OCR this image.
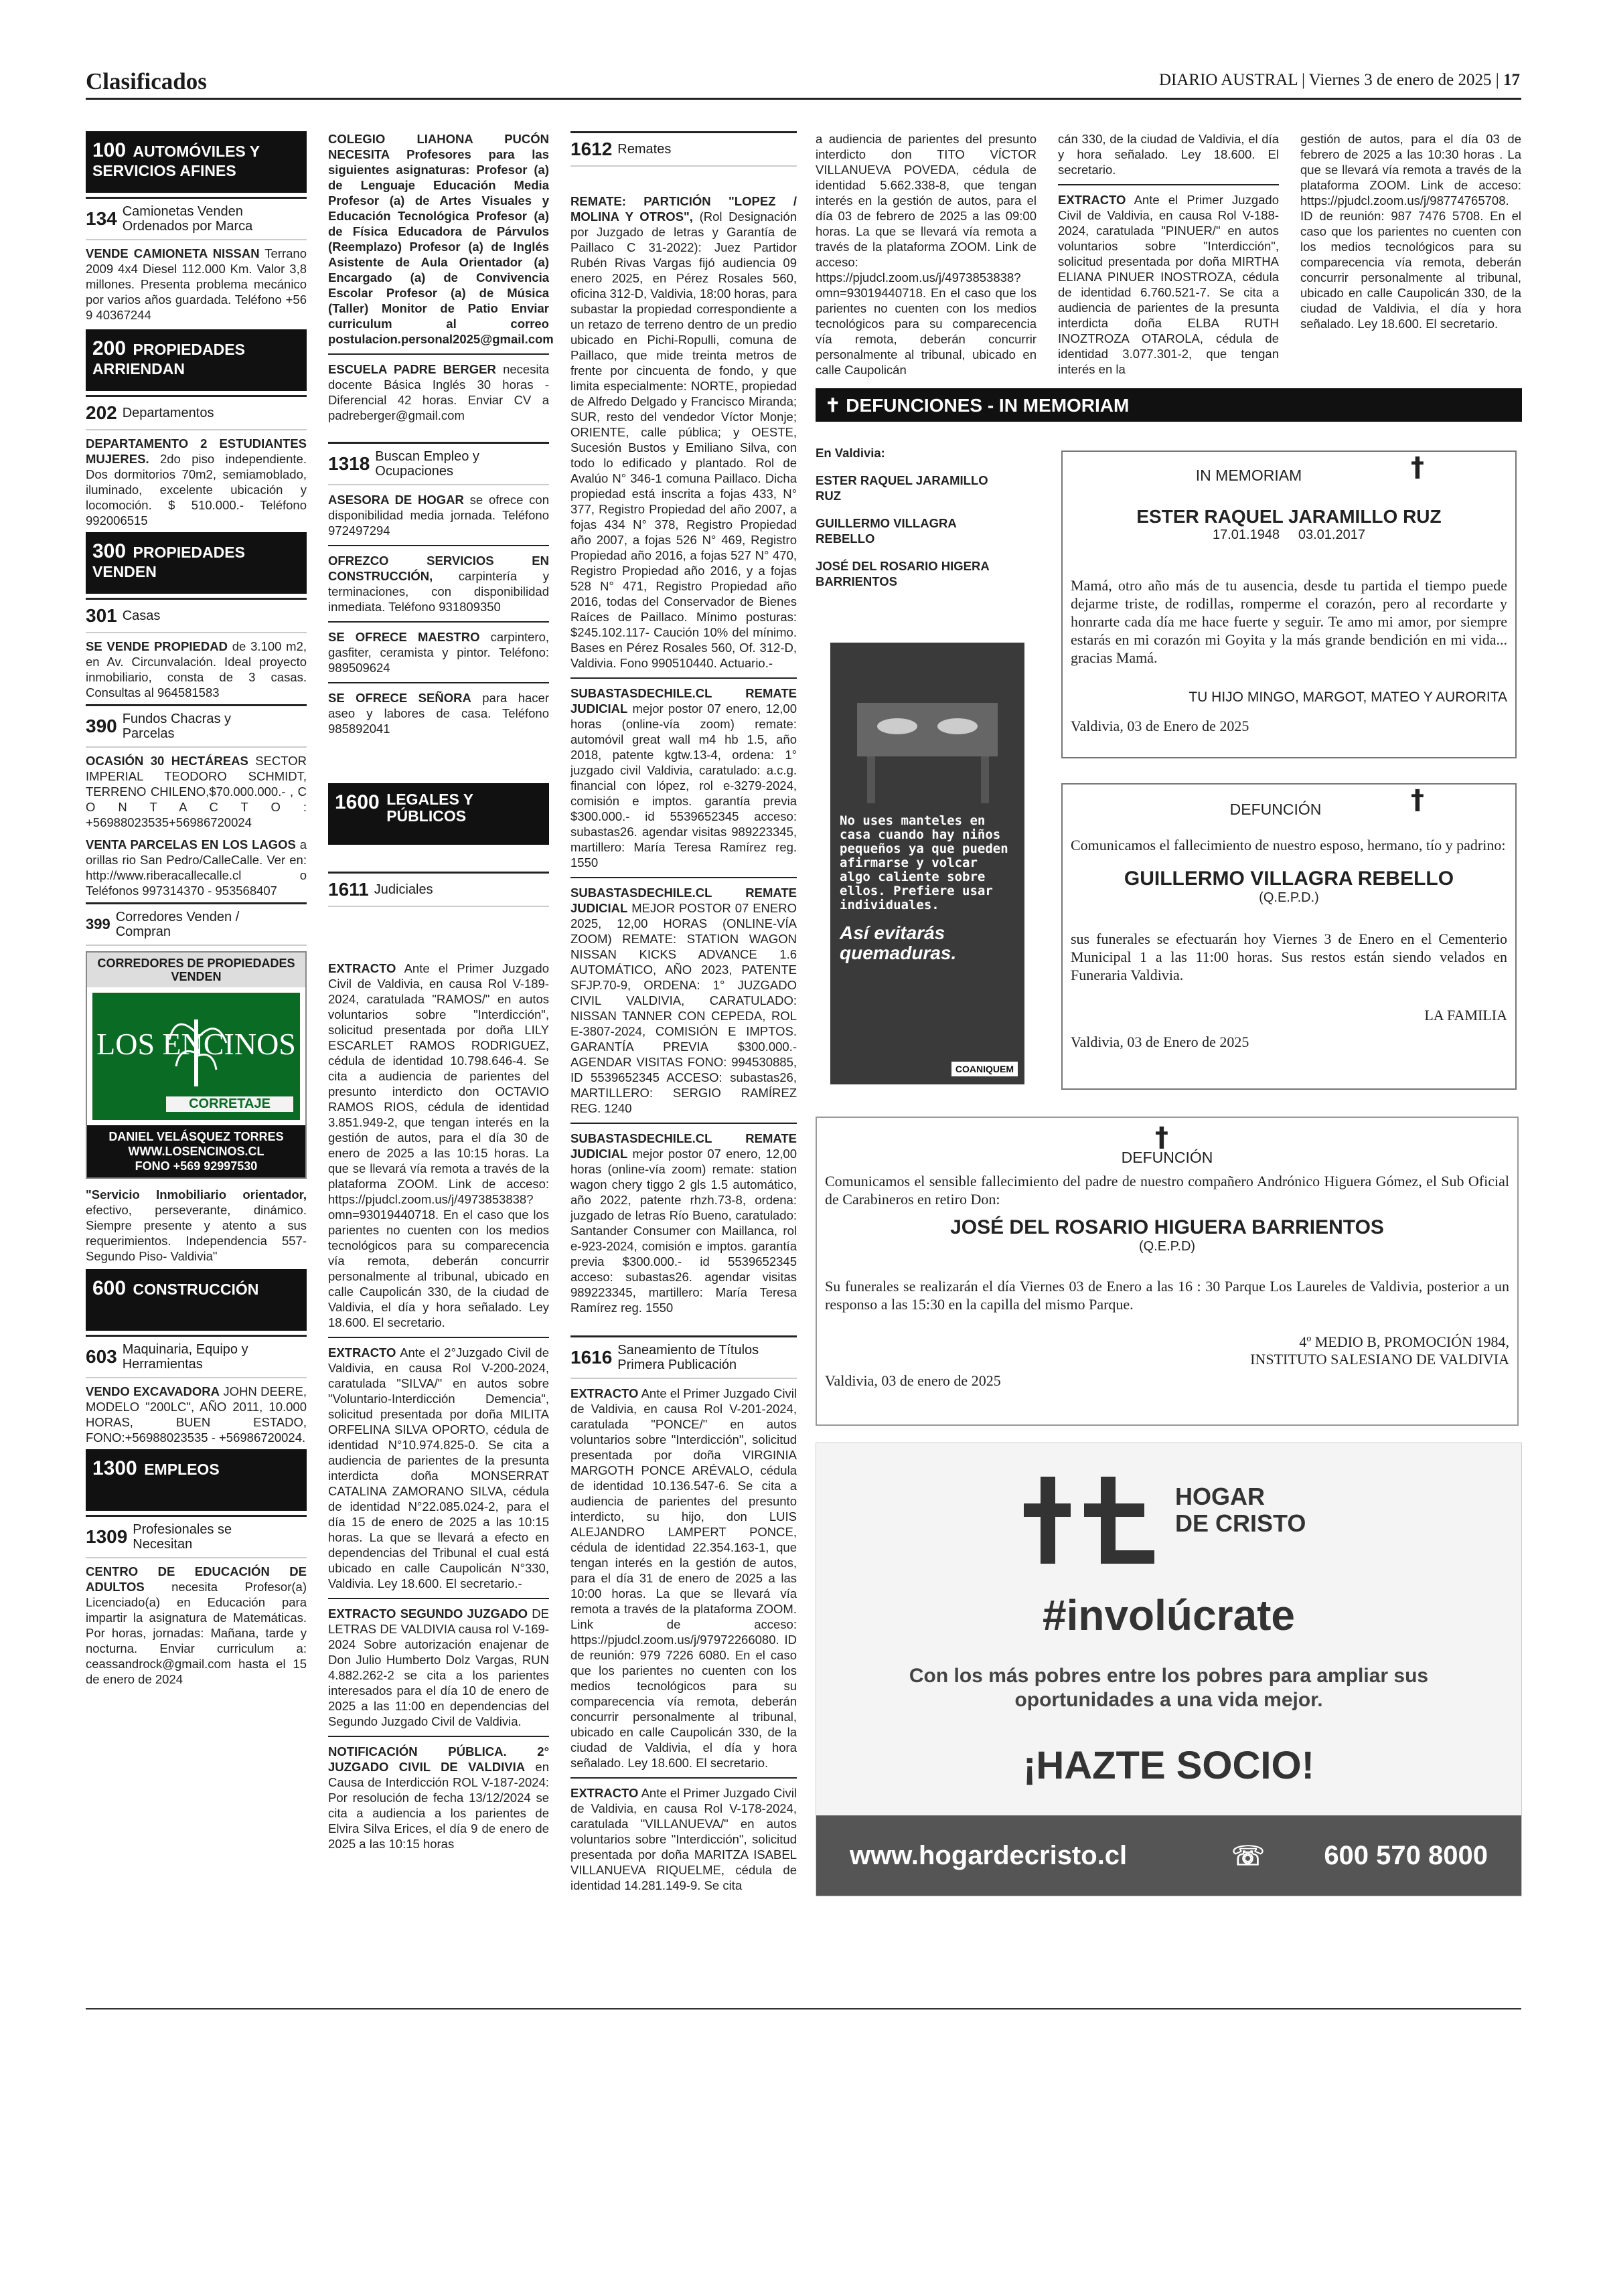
Clasificados	DIARIO AUSTRAL | Viernes 3 de enero de 2025 | 17
100 AUTOMÓVILES Y SERVICIOS AFINES
134 Camionetas Venden Ordenados por Marca
VENDE CAMIONETA NISSAN Terrano 2009 4x4 Diesel 112.000 Km. Valor 3,8 millones. Presenta problema mecánico por varios años guardada. Teléfono +56 9 40367244
200 PROPIEDADES ARRIENDAN
202 Departamentos
DEPARTAMENTO 2 ESTUDIANTES MUJERES. 2do piso independiente. Dos dormitorios 70m2, semiamoblado, iluminado, excelente ubicación y locomoción. $ 510.000.- Teléfono 992006515
300 PROPIEDADES VENDEN
301 Casas
SE VENDE PROPIEDAD de 3.100 m2, en Av. Circunvalación. Ideal proyecto inmobiliario, consta de 3 casas. Consultas al 964581583
390 Fundos Chacras y Parcelas
OCASIÓN 30 HECTÁREAS SECTOR IMPERIAL TEODORO SCHMIDT, TERRENO CHILENO,$70.000.000.- , C O N T A C T O : +56988023535+56986720024
VENTA PARCELAS EN LOS LAGOS a orillas rio San Pedro/CalleCalle. Ver en: http://www.riberacallecalle.cl o Teléfonos 997314370 - 953568407
399 Corredores Venden / Compran
CORREDORES DE PROPIEDADES VENDEN
LOS ENCINOS
CORRETAJE
DANIEL VELÁSQUEZ TORRES
WWW.LOSENCINOS.CL
FONO +569 92997530
"Servicio Inmobiliario orientador, efectivo, perseverante, dinámico. Siempre presente y atento a sus requerimientos. Independencia 557- Segundo Piso- Valdivia"
600 CONSTRUCCIÓN
603 Maquinaria, Equipo y Herramientas
VENDO EXCAVADORA JOHN DEERE, MODELO "200LC", AÑO 2011, 10.000 HORAS, BUEN ESTADO, FONO:+56988023535 - +56986720024.
1300 EMPLEOS
1309 Profesionales se Necesitan
CENTRO DE EDUCACIÓN DE ADULTOS necesita Profesor(a) Licenciado(a) en Educación para impartir la asignatura de Matemáticas. Por horas, jornadas: Mañana, tarde y nocturna. Enviar curriculum a: ceassandrock@gmail.com hasta el 15 de enero de 2024
COLEGIO LIAHONA PUCÓN NECESITA Profesores para las siguientes asignaturas: Profesor (a) de Lenguaje Educación Media Profesor (a) de Artes Visuales y Educación Tecnológica Profesor (a) de Física Educadora de Párvulos (Reemplazo) Profesor (a) de Inglés Asistente de Aula Orientador (a) Encargado (a) de Convivencia Escolar Profesor (a) de Música (Taller) Monitor de Patio Enviar curriculum al correo postulacion.personal2025@gmail.com
ESCUELA PADRE BERGER necesita docente Básica Inglés 30 horas - Diferencial 42 horas. Enviar CV a padreberger@gmail.com
1318 Buscan Empleo y Ocupaciones
ASESORA DE HOGAR se ofrece con disponibilidad media jornada. Teléfono 972497294
OFREZCO SERVICIOS EN CONSTRUCCIÓN, carpintería y terminaciones, con disponibilidad inmediata. Teléfono 931809350
SE OFRECE MAESTRO carpintero, gasfiter, ceramista y pintor. Teléfono: 989509624
SE OFRECE SEÑORA para hacer aseo y labores de casa. Teléfono 985892041
1600 LEGALES Y PÚBLICOS
1611 Judiciales
EXTRACTO Ante el Primer Juzgado Civil de Valdivia, en causa Rol V-189-2024, caratulada "RAMOS/" en autos voluntarios sobre "Interdicción", solicitud presentada por doña LILY ESCARLET RAMOS RODRIGUEZ, cédula de identidad 10.798.646-4. Se cita a audiencia de parientes del presunto interdicto don OCTAVIO RAMOS RIOS, cédula de identidad 3.851.949-2, que tengan interés en la gestión de autos, para el día 30 de enero de 2025 a las 10:15 horas. La que se llevará vía remota a través de la plataforma ZOOM. Link de acceso: https://pjudcl.zoom.us/j/4973853838?omn=93019440718. En el caso que los parientes no cuenten con los medios tecnológicos para su comparecencia vía remota, deberán concurrir personalmente al tribunal, ubicado en calle Caupolicán 330, de la ciudad de Valdivia, el día y hora señalado. Ley 18.600. El secretario.
EXTRACTO Ante el 2°Juzgado Civil de Valdivia, en causa Rol V-200-2024, caratulada "SILVA/" en autos sobre "Voluntario-Interdicción Demencia", solicitud presentada por doña MILITA ORFELINA SILVA OPORTO, cédula de identidad N°10.974.825-0. Se cita a audiencia de parientes de la presunta interdicta doña MONSERRAT CATALINA ZAMORANO SILVA, cédula de identidad N°22.085.024-2, para el día 15 de enero de 2025 a las 10:15 horas. La que se llevará a efecto en dependencias del Tribunal el cual está ubicado en calle Caupolicán N°330, Valdivia. Ley 18.600. El secretario.-
EXTRACTO SEGUNDO JUZGADO DE LETRAS DE VALDIVIA causa rol V-169-2024 Sobre autorización enajenar de Don Julio Humberto Dolz Vargas, RUN 4.882.262-2 se cita a los parientes interesados para el día 10 de enero de 2025 a las 11:00 en dependencias del Segundo Juzgado Civil de Valdivia.
NOTIFICACIÓN PÚBLICA. 2° JUZGADO CIVIL DE VALDIVIA en Causa de Interdicción ROL V-187-2024: Por resolución de fecha 13/12/2024 se cita a audiencia a los parientes de Elvira Silva Erices, el día 9 de enero de 2025 a las 10:15 horas
1612 Remates
REMATE: PARTICIÓN "LOPEZ / MOLINA Y OTROS", (Rol Designación por Juzgado de letras y Garantía de Paillaco C 31-2022): Juez Partidor Rubén Rivas Vargas fijó audiencia 09 enero 2025, en Pérez Rosales 560, oficina 312-D, Valdivia, 18:00 horas, para subastar la propiedad correspondiente a un retazo de terreno dentro de un predio ubicado en Pichi-Ropulli, comuna de Paillaco, que mide treinta metros de frente por cincuenta de fondo, y que limita especialmente: NORTE, propiedad de Alfredo Delgado y Francisco Miranda; SUR, resto del vendedor Víctor Monje; ORIENTE, calle pública; y OESTE, Sucesión Bustos y Emiliano Silva, con todo lo edificado y plantado. Rol de Avalúo N° 346-1 comuna Paillaco. Dicha propiedad está inscrita a fojas 433, N° 377, Registro Propiedad del año 2007, a fojas 434 N° 378, Registro Propiedad año 2007, a fojas 526 N° 469, Registro Propiedad año 2016, a fojas 527 N° 470, Registro Propiedad año 2016, y a fojas 528 N° 471, Registro Propiedad año 2016, todas del Conservador de Bienes Raíces de Paillaco. Mínimo posturas: $245.102.117- Caución 10% del mínimo. Bases en Pérez Rosales 560, Of. 312-D, Valdivia. Fono 990510440. Actuario.-
SUBASTASDECHILE.CL REMATE JUDICIAL mejor postor 07 enero, 12,00 horas (online-vía zoom) remate: automóvil great wall m4 hb 1.5, año 2018, patente kgtw.13-4, ordena: 1° juzgado civil Valdivia, caratulado: a.c.g. financial con lópez, rol e-3279-2024, comisión e imptos. garantía previa $300.000.- id 5539652345 acceso: subastas26. agendar visitas 989223345, martillero: María Teresa Ramírez reg. 1550
SUBASTASDECHILE.CL REMATE JUDICIAL MEJOR POSTOR 07 ENERO 2025, 12,00 HORAS (ONLINE-VÍA ZOOM) REMATE: STATION WAGON NISSAN KICKS ADVANCE 1.6 AUTOMÁTICO, AÑO 2023, PATENTE SFJP.70-9, ORDENA: 1° JUZGADO CIVIL VALDIVIA, CARATULADO: NISSAN TANNER CON CEPEDA, ROL E-3807-2024, COMISIÓN E IMPTOS. GARANTÍA PREVIA $300.000.- AGENDAR VISITAS FONO: 994530885, ID 5539652345 ACCESO: subastas26, MARTILLERO: SERGIO RAMÍREZ REG. 1240
SUBASTASDECHILE.CL REMATE JUDICIAL mejor postor 07 enero, 12,00 horas (online-vía zoom) remate: station wagon chery tiggo 2 gls 1.5 automático, año 2022, patente rhzh.73-8, ordena: juzgado de letras Río Bueno, caratulado: Santander Consumer con Maillanca, rol e-923-2024, comisión e imptos. garantía previa $300.000.- id 5539652345 acceso: subastas26. agendar visitas 989223345, martillero: María Teresa Ramírez reg. 1550
1616 Saneamiento de Títulos Primera Publicación
EXTRACTO Ante el Primer Juzgado Civil de Valdivia, en causa Rol V-201-2024, caratulada "PONCE/" en autos voluntarios sobre "Interdicción", solicitud presentada por doña VIRGINIA MARGOTH PONCE ARÉVALO, cédula de identidad 10.136.547-6. Se cita a audiencia de parientes del presunto interdicto, su hijo, don LUIS ALEJANDRO LAMPERT PONCE, cédula de identidad 22.354.163-1, que tengan interés en la gestión de autos, para el día 31 de enero de 2025 a las 10:00 horas. La que se llevará vía remota a través de la plataforma ZOOM. Link de acceso: https://pjudcl.zoom.us/j/97972266080. ID de reunión: 979 7226 6080. En el caso que los parientes no cuenten con los medios tecnológicos para su comparecencia vía remota, deberán concurrir personalmente al tribunal, ubicado en calle Caupolicán 330, de la ciudad de Valdivia, el día y hora señalado. Ley 18.600. El secretario.
EXTRACTO Ante el Primer Juzgado Civil de Valdivia, en causa Rol V-178-2024, caratulada "VILLANUEVA/" en autos voluntarios sobre "Interdicción", solicitud presentada por doña MARITZA ISABEL VILLANUEVA RIQUELME, cédula de identidad 14.281.149-9. Se cita
a audiencia de parientes del presunto interdicto don TITO VÍCTOR VILLANUEVA POVEDA, cédula de identidad 5.662.338-8, que tengan interés en la gestión de autos, para el día 03 de febrero de 2025 a las 09:00 horas. La que se llevará vía remota a través de la plataforma ZOOM. Link de acceso: https://pjudcl.zoom.us/j/4973853838?omn=93019440718. En el caso que los parientes no cuenten con los medios tecnológicos para su comparecencia vía remota, deberán concurrir personalmente al tribunal, ubicado en calle Caupolicán
cán 330, de la ciudad de Valdivia, el día y hora señalado. Ley 18.600. El secretario.
EXTRACTO Ante el Primer Juzgado Civil de Valdivia, en causa Rol V-188-2024, caratulada "PINUER/" en autos voluntarios sobre "Interdicción", solicitud presentada por doña MIRTHA ELIANA PINUER INOSTROZA, cédula de identidad 6.760.521-7. Se cita a audiencia de parientes de la presunta interdicta doña ELBA RUTH INOZTROZA OTAROLA, cédula de identidad 3.077.301-2, que tengan interés en la
gestión de autos, para el día 03 de febrero de 2025 a las 10:30 horas . La que se llevará vía remota a través de la plataforma ZOOM. Link de acceso: https://pjudcl.zoom.us/j/98774765708. ID de reunión: 987 7476 5708. En el caso que los parientes no cuenten con los medios tecnológicos para su comparecencia vía remota, deberán concurrir personalmente al tribunal, ubicado en calle Caupolicán 330, de la ciudad de Valdivia, el día y hora señalado. Ley 18.600. El secretario.
✝ DEFUNCIONES - IN MEMORIAM
En Valdivia:
ESTER RAQUEL JARAMILLO RUZ
GUILLERMO VILLAGRA REBELLO
JOSÉ DEL ROSARIO HIGERA BARRIENTOS
No uses manteles en casa cuando hay niños pequeños ya que pueden afirmarse y volcar algo caliente sobre ellos. Prefiere usar individuales.
Así evitarás quemaduras.
COANIQUEM
IN MEMORIAM	†
ESTER RAQUEL JARAMILLO RUZ
17.01.1948     03.01.2017
Mamá, otro año más de tu ausencia, desde tu partida el tiempo puede dejarme triste, de rodillas, romperme el corazón, pero al recordarte y honrarte cada día me hace fuerte y seguir. Te amo mi amor, por siempre estarás en mi corazón mi Goyita y la más grande bendición en mi vida... gracias Mamá.
TU HIJO MINGO, MARGOT, MATEO Y AURORITA
Valdivia, 03 de Enero de 2025
DEFUNCIÓN	†
Comunicamos el fallecimiento de nuestro esposo, hermano, tío y padrino:
GUILLERMO VILLAGRA REBELLO
(Q.E.P.D.)
sus funerales se efectuarán hoy Viernes 3 de Enero en el Cementerio Municipal 1 a las 11:00 horas. Sus restos están siendo velados en Funeraria Valdivia.
LA FAMILIA
Valdivia, 03 de Enero de 2025
†
DEFUNCIÓN
Comunicamos el sensible fallecimiento del padre de nuestro compañero Andrónico Higuera Gómez, el Sub Oficial de Carabineros en retiro Don:
JOSÉ DEL ROSARIO HIGUERA BARRIENTOS
(Q.E.P.D)
Su funerales se realizarán el día Viernes 03 de Enero a las 16 : 30 Parque Los Laureles de Valdivia, posterior a un responso a las 15:30 en la capilla del mismo Parque.
4º MEDIO B, PROMOCIÓN 1984,
INSTITUTO SALESIANO DE VALDIVIA
Valdivia, 03 de enero de 2025
HOGAR
DE CRISTO
#involúcrate
Con los más pobres entre los pobres para ampliar sus oportunidades a una vida mejor.
¡HAZTE SOCIO!
www.hogardecristo.cl	☏ 600 570 8000
